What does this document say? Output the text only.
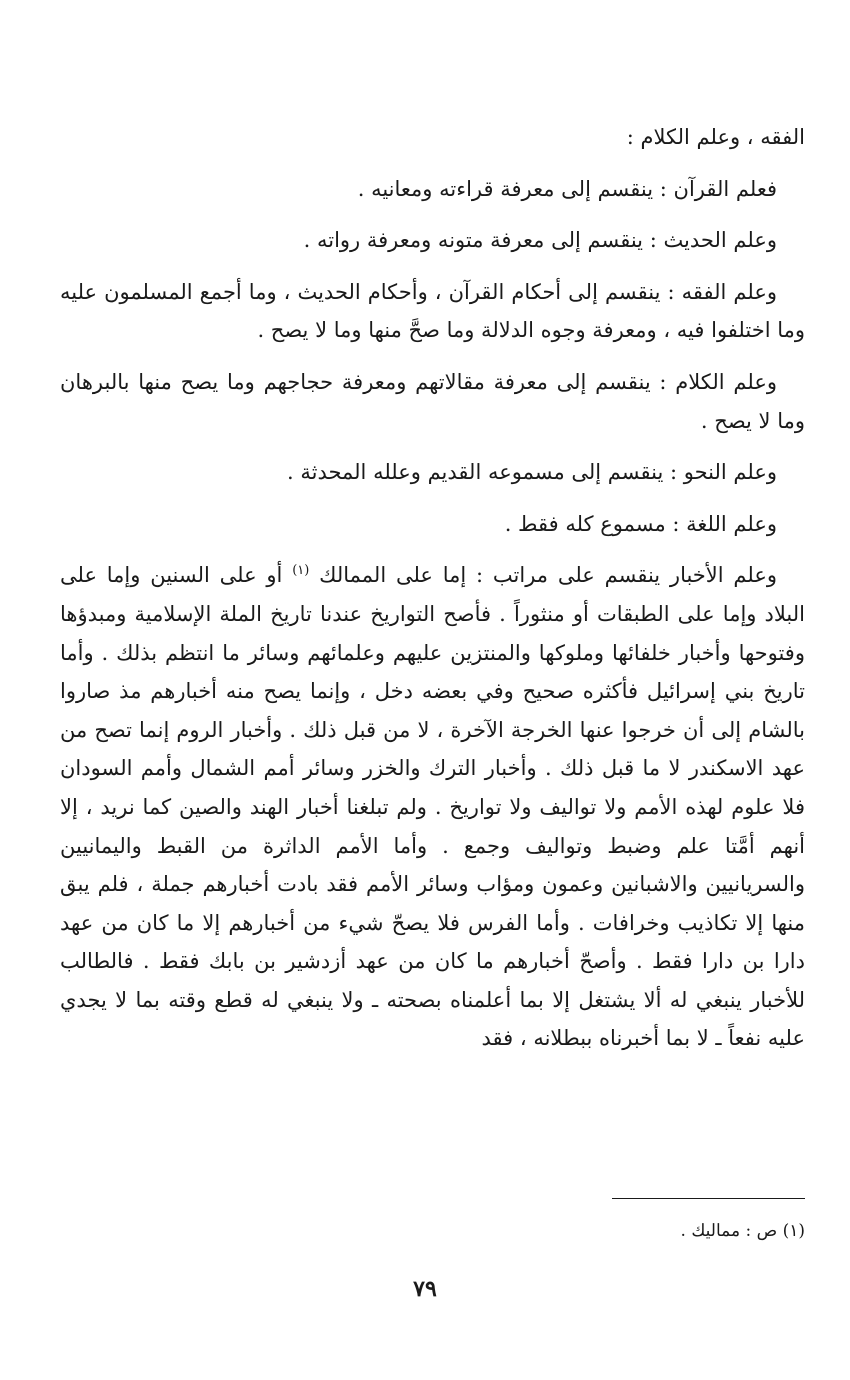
الفقه ، وعلم الكلام :

فعلم القرآن : ينقسم إلى معرفة قراءته ومعانيه .

وعلم الحديث : ينقسم إلى معرفة متونه ومعرفة رواته .

وعلم الفقه : ينقسم إلى أحكام القرآن ، وأحكام الحديث ، وما أجمع المسلمون عليه وما اختلفوا فيه ، ومعرفة وجوه الدلالة وما صحَّ منها وما لا يصح .

وعلم الكلام : ينقسم إلى معرفة مقالاتهم ومعرفة حجاجهم وما يصح منها بالبرهان وما لا يصح .

وعلم النحو : ينقسم إلى مسموعه القديم وعلله المحدثة .

وعلم اللغة : مسموع كله فقط .

وعلم الأخبار ينقسم على مراتب : إما على الممالك $^{(١)}$ أو على السنين وإما على البلاد وإما على الطبقات أو منثوراً . فأصح التواريخ عندنا تاريخ الملة الإسلامية ومبدؤها وفتوحها وأخبار خلفائها وملوكها والمنتزين عليهم وعلمائهم وسائر ما انتظم بذلك . وأما تاريخ بني إسرائيل فأكثره صحيح وفي بعضه دخل ، وإنما يصح منه أخبارهم مذ صاروا بالشام إلى أن خرجوا عنها الخرجة الآخرة ، لا من قبل ذلك . وأخبار الروم إنما تصح من عهد الاسكندر لا ما قبل ذلك . وأخبار الترك والخزر وسائر أمم الشمال وأمم السودان فلا علوم لهذه الأمم ولا تواليف ولا تواريخ . ولم تبلغنا أخبار الهند والصين كما نريد ، إلا أنهم أمَّتا علم وضبط وتواليف وجمع . وأما الأمم الداثرة من القبط واليمانيين والسريانيين والاشبانين وعمون ومؤاب وسائر الأمم فقد بادت أخبارهم جملة ، فلم يبق منها إلا تكاذيب وخرافات . وأما الفرس فلا يصحّ شيء من أخبارهم إلا ما كان من عهد دارا بن دارا فقط . وأصحّ أخبارهم ما كان من عهد أزدشير بن بابك فقط . فالطالب للأخبار ينبغي له ألا يشتغل إلا بما أعلمناه بصحته ـ ولا ينبغي له قطع وقته بما لا يجدي عليه نفعاً ـ لا بما أخبرناه ببطلانه ، فقد

(١) ص : مماليك .
٧٩
